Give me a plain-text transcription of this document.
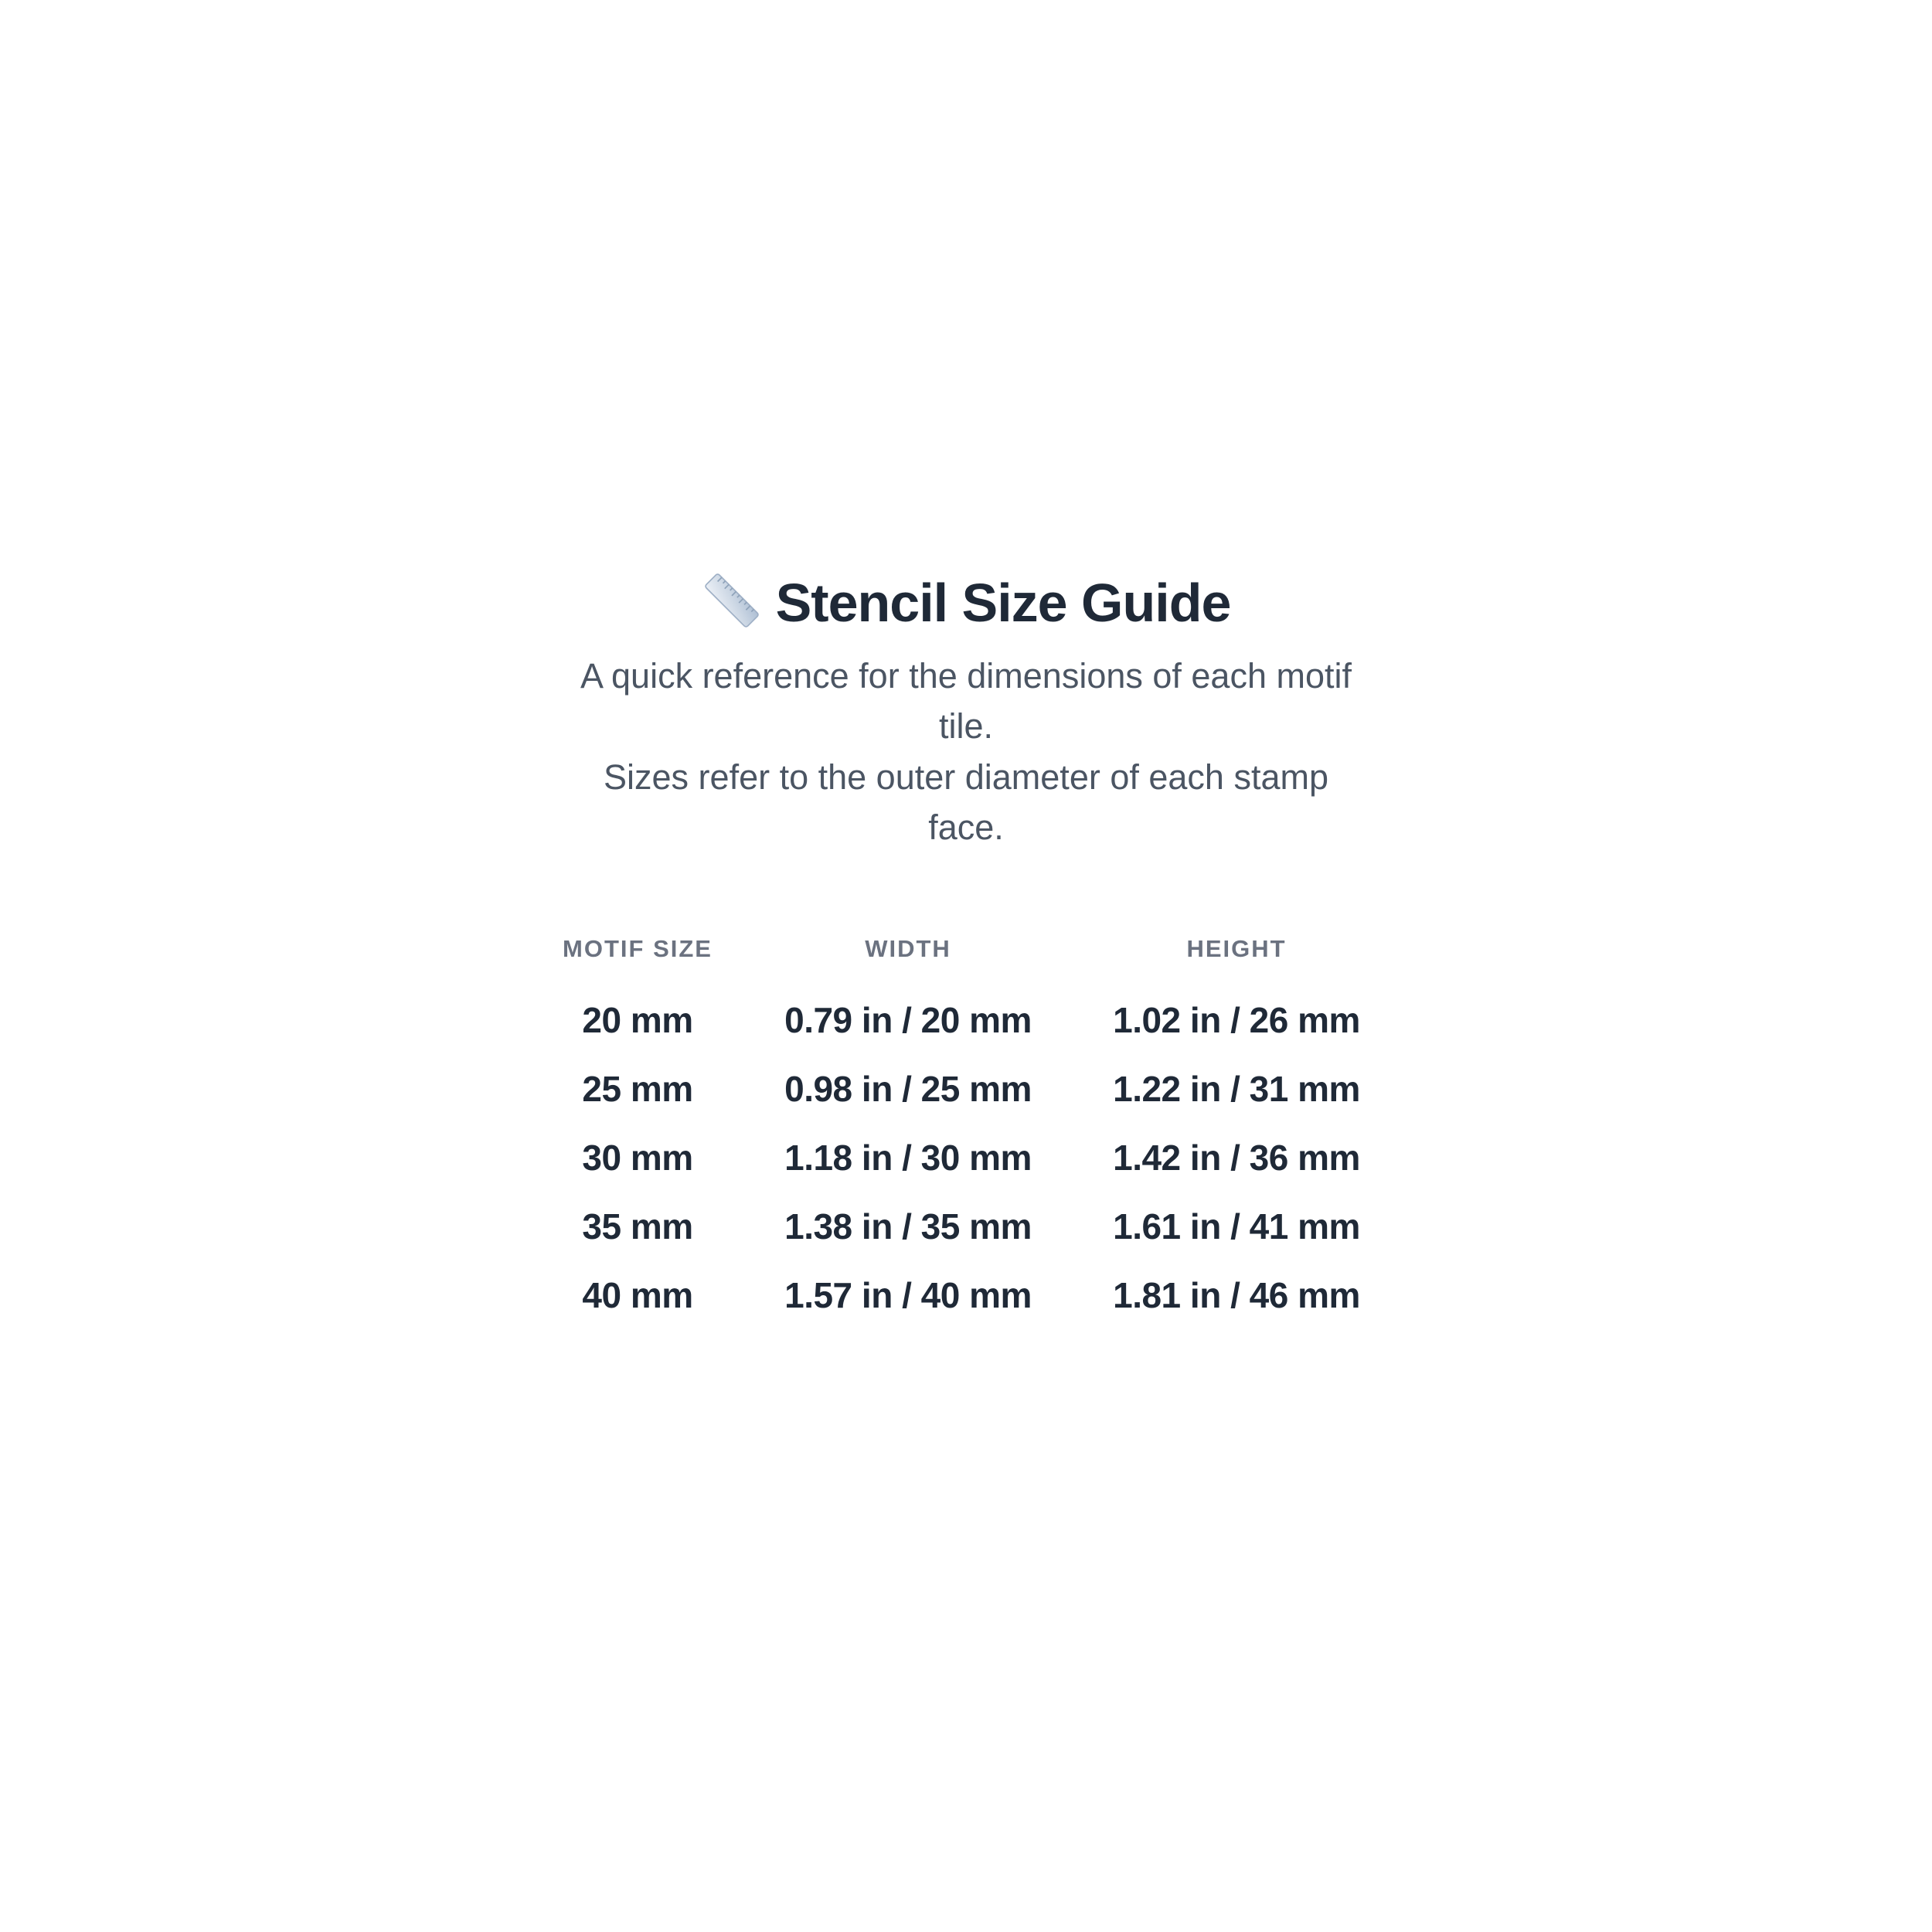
Stencil Size Guide

A quick reference for the dimensions of each motif tile.

Sizes refer to the outer diameter of each stamp face.

MOTIF SIZE	WIDTH	HEIGHT
20 mm	0.79 in / 20 mm	1.02 in / 26 mm
25 mm	0.98 in / 25 mm	1.22 in / 31 mm
30 mm	1.18 in / 30 mm	1.42 in / 36 mm
35 mm	1.38 in / 35 mm	1.61 in / 41 mm
40 mm	1.57 in / 40 mm	1.81 in / 46 mm
